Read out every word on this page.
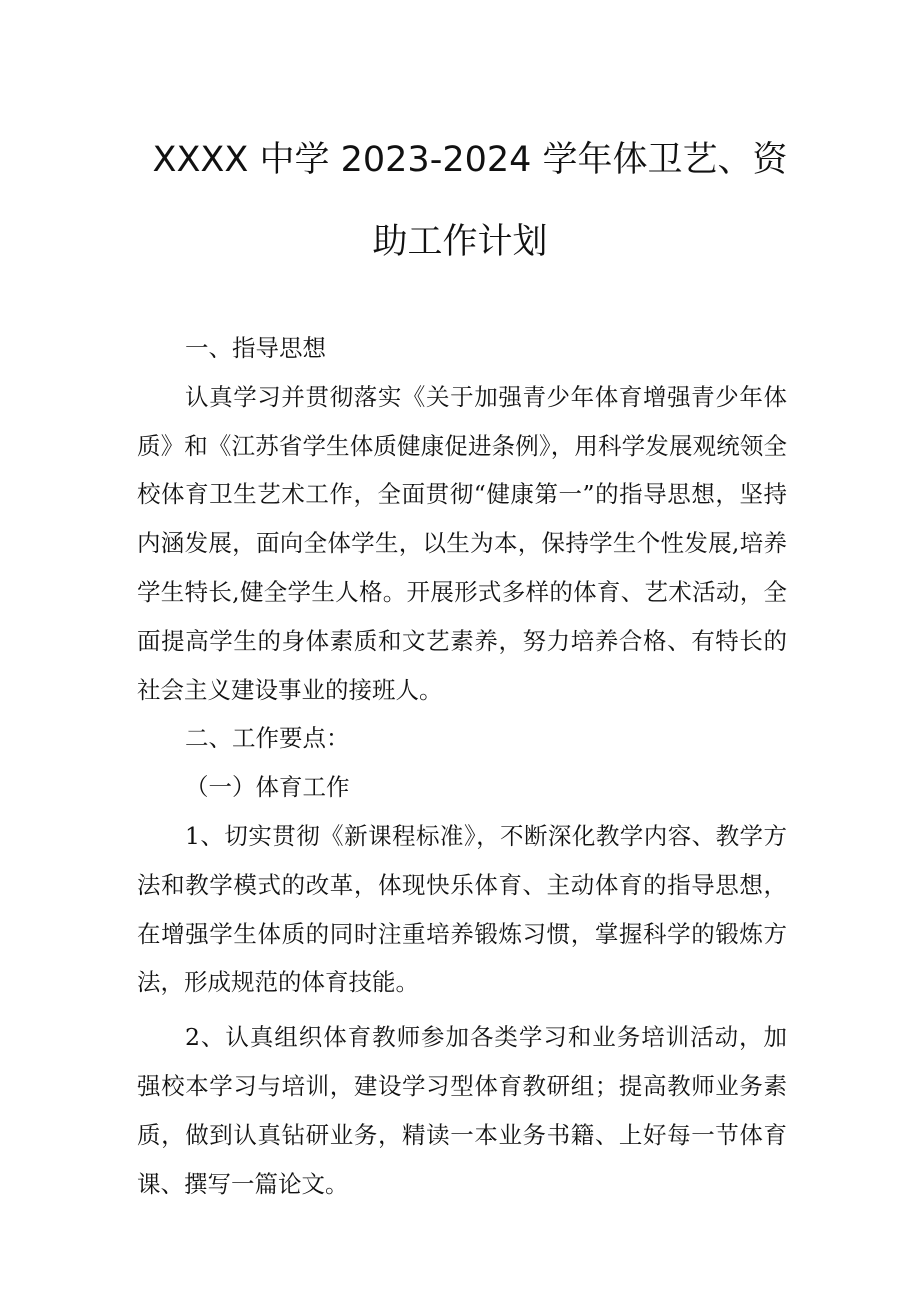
XXXX 中学 2023-2024 学年体卫艺、资
助工作计划

一、指导思想

认真学习并贯彻落实《关于加强青少年体育增强青少年体质》和《江苏省学生体质健康促进条例》，用科学发展观统领全校体育卫生艺术工作，全面贯彻“健康第一”的指导思想，坚持内涵发展，面向全体学生，以生为本，保持学生个性发展,培养学生特长,健全学生人格。开展形式多样的体育、艺术活动，全面提高学生的身体素质和文艺素养，努力培养合格、有特长的社会主义建设事业的接班人。

二、工作要点：

（一）体育工作

1、切实贯彻《新课程标准》，不断深化教学内容、教学方法和教学模式的改革，体现快乐体育、主动体育的指导思想，在增强学生体质的同时注重培养锻炼习惯，掌握科学的锻炼方法，形成规范的体育技能。

2、认真组织体育教师参加各类学习和业务培训活动，加强校本学习与培训，建设学习型体育教研组；提高教师业务素质，做到认真钻研业务，精读一本业务书籍、上好每一节体育课、撰写一篇论文。
